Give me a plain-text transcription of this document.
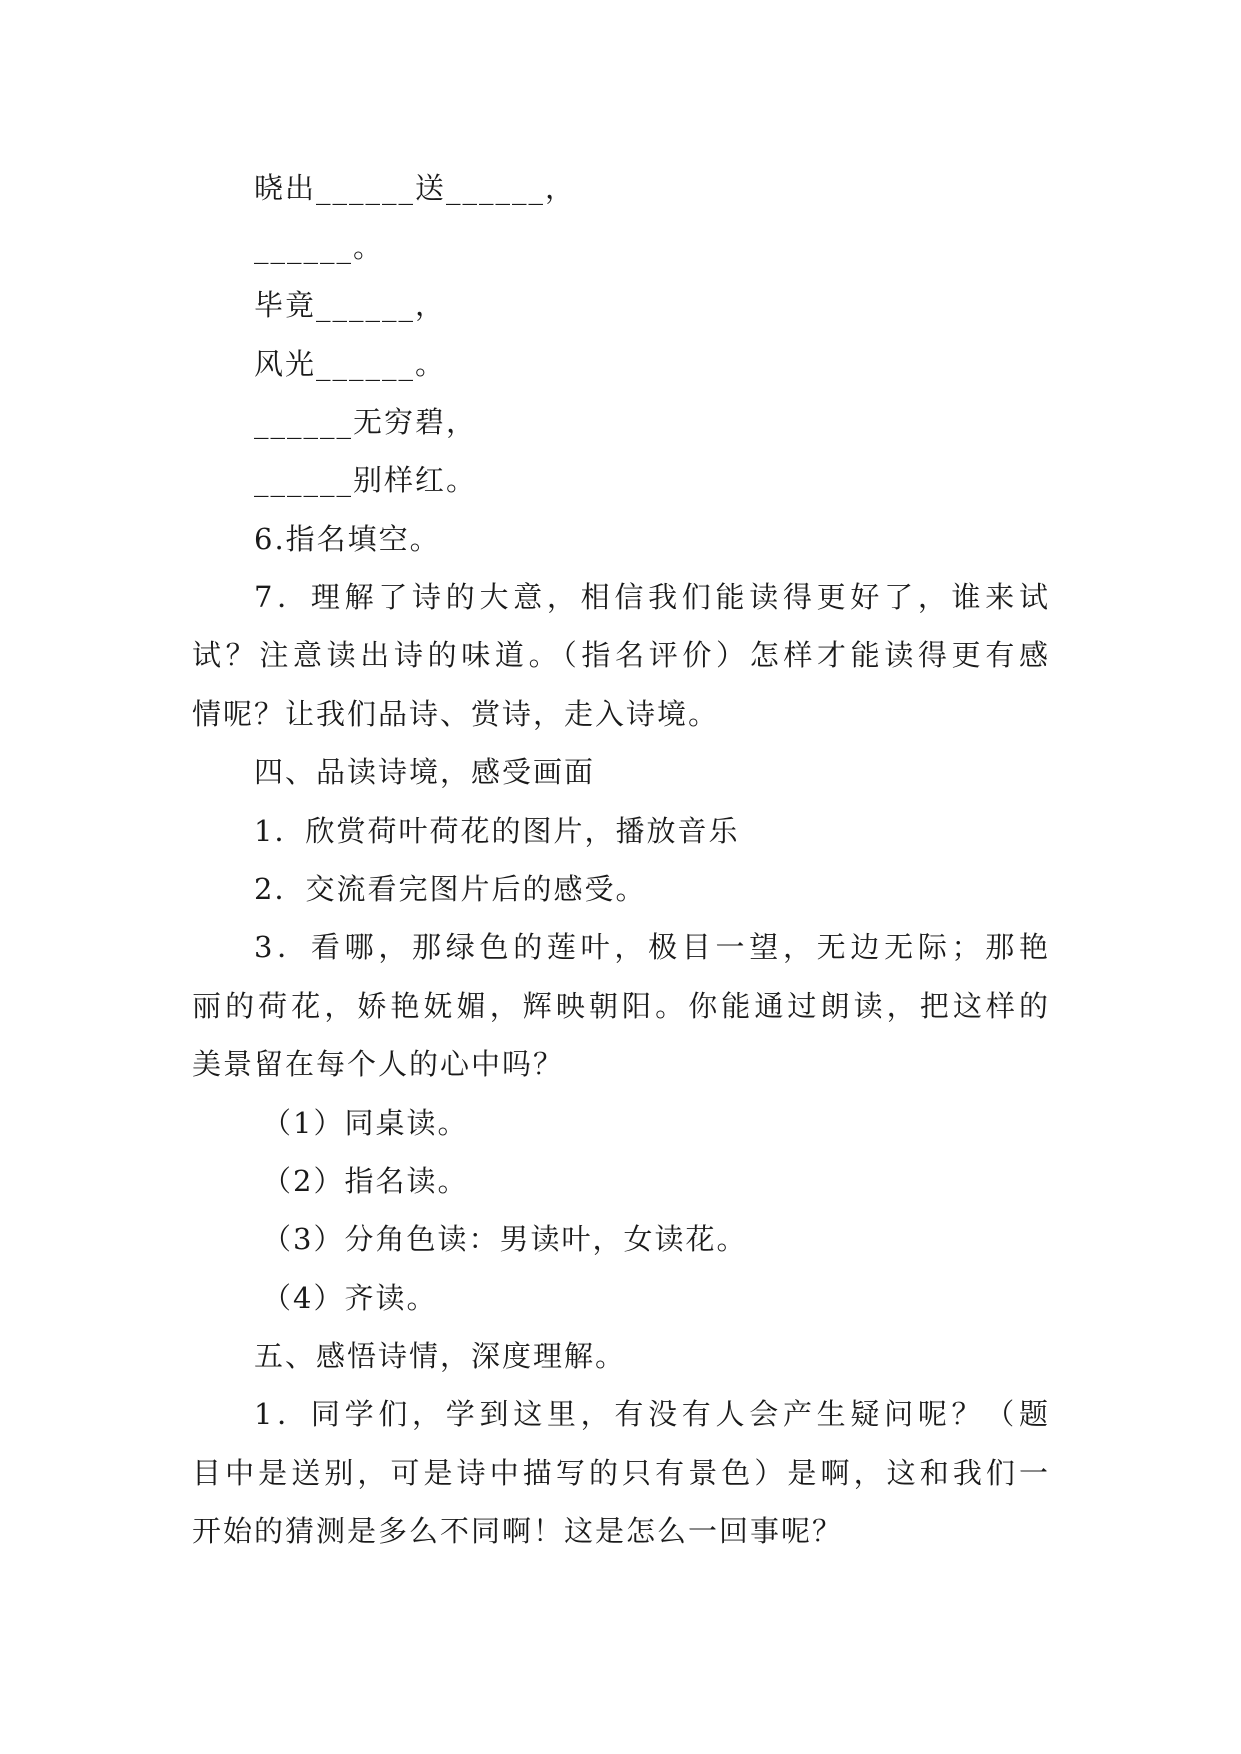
晓出______送______，
______。
毕竟______，
风光______。
______无穷碧，
______别样红。
6.指名填空。
7．理解了诗的大意，相信我们能读得更好了，谁来试
试？注意读出诗的味道。（指名评价）怎样才能读得更有感
情呢？让我们品诗、赏诗，走入诗境。
四、品读诗境，感受画面
1．欣赏荷叶荷花的图片，播放音乐
2．交流看完图片后的感受。
3．看哪，那绿色的莲叶，极目一望，无边无际；那艳
丽的荷花，娇艳妩媚，辉映朝阳。你能通过朗读，把这样的
美景留在每个人的心中吗？
（1）同桌读。
（2）指名读。
（3）分角色读：男读叶，女读花。
（4）齐读。
五、感悟诗情，深度理解。
1．同学们，学到这里，有没有人会产生疑问呢？（题
目中是送别，可是诗中描写的只有景色）是啊，这和我们一
开始的猜测是多么不同啊！这是怎么一回事呢？
